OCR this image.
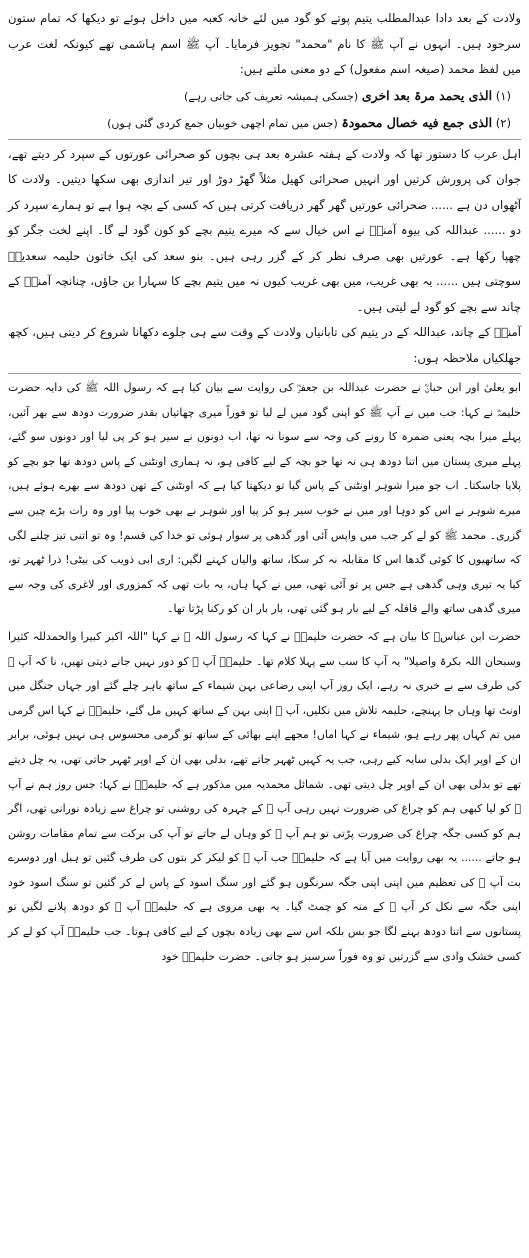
ولادت کے بعد دادا عبدالمطلب یتیم پوتے کو گود میں لئے خانہ کعبہ میں داخل ہوئے تو دیکھا کہ تمام ستون سرجود ہیں۔ انہوں نے آپ ﷺ کا نام "محمد" تجویز فرمایا۔ آپ ﷺ اسم ہاشمی تھے کیونکہ لغت عرب میں لفظ محمد (صیغہ اسم مفعول) کے دو معنی ملتے ہیں:

(۱) الذی یحمد مرۃ بعد اخری (جسکی ہمیشہ تعریف کی جاتی رہے)

(۲) الذی جمع فیه خصال محمودۃ (جس میں تمام اچھی خوبیاں جمع کردی گئی ہوں)

اہل عرب کا دستور تھا کہ ولادت کے ہفتہ عشرہ بعد ہی بچوں کو صحرائی عورتوں کے سپرد کر دیتے تھے، جوان کی پرورش کرتیں اور انہیں صحرائی کھیل مثلاً گھڑ دوڑ اور تیر اندازی بھی سکھا دیتیں۔ ولادت کا آٹھواں دن ہے ...... صحرائی عورتیں گھر گھر دریافت کرتی ہیں کہ کسی کے بچہ ہوا ہے تو ہمارے سپرد کر دو ...... عبداللہ کی بیوہ آمنہؓ نے اس خیال سے کہ میرے یتیم بچے کو کون گود لے گا۔ اپنے لخت جگر کو چھپا رکھا ہے۔ عورتیں بھی صرف نظر کر کے گزر رہی ہیں۔ بنو سعد کی ایک خاتون حلیمہ سعدیہؓ سوچتی ہیں ...... یہ بھی غریب، میں بھی غریب کیوں نہ میں یتیم بچے کا سہارا بن جاؤں، چنانچہ آمنہؓ کے چاند سے بچے کو گود لے لیتی ہیں۔

آمنہؓ کے چاند، عبداللہ کے در یتیم کی تابانیاں ولادت کے وقت سے ہی جلوے دکھانا شروع کر دیتی ہیں، کچھ جھلکیاں ملاحظہ ہوں:

ابو یعلیٰ اور ابن حبانؒ نے حضرت عبداللہ بن جعفرؓ کی روایت سے بیان کیا ہے کہ رسول اللہ ﷺ کی دایہ حضرت حلیمہؓ نے کہا: جب میں نے آپ ﷺ کو اپنی گود میں لے لیا تو فوراً میری چھاتیاں بقدر ضرورت دودھ سے بھر آئیں، پہلے میرا بچہ یعنی ضمرہ کا رونے کی وجہ سے سونا نہ تھا، اب دونوں نے سیر ہو کر پی لیا اور دونوں سو گئے، پہلے میری پستان میں اتنا دودھ ہی نہ تھا جو بچہ کے لیے کافی ہو، نہ ہماری اونٹنی کے پاس دودھ تھا جو بچے کو پلایا جاسکتا۔ اب جو میرا شوہر اونٹنی کے پاس گیا تو دیکھتا کیا ہے کہ اونٹنی کے تھن دودھ سے بھرے ہوئے ہیں، میرے شوہر نے اس کو دوہا اور میں نے خوب سیر ہو کر پیا اور شوہر نے بھی خوب پیا اور وہ رات بڑے چین سے گزری۔ محمد ﷺ کو لے کر جب میں واپس آئی اور گدھی پر سوار ہوئی تو خدا کی قسم! وہ تو اتنی تیز چلنے لگی کہ ساتھیوں کا کوئی گدھا اس کا مقابلہ نہ کر سکا، ساتھ والیاں کہنے لگیں: اری ابی ذویب کی بیٹی! ذرا ٹھہر تو، کیا یہ تیری وہی گدھی ہے جس پر تو آئی تھی، میں نے کہا ہاں، یہ بات تھی کہ کمزوری اور لاغری کی وجہ سے میری گدھی ساتھ والے قافلہ کے لیے بار ہو گئی تھی، بار بار ان کو رکنا پڑتا تھا۔

حضرت ابن عباسؓ کا بیان ہے کہ حضرت حلیمہؓ نے کہا کہ رسول اللہ ﷺ نے کہا "اللہ اکبر کبیرا والحمدللہ کثیرا وسبحان اللہ بکرۃ واصیلا" یہ آپ کا سب سے پہلا کلام تھا۔ حلیمہؓ آپ ﷺ کو دور نہیں جانے دیتی تھیں، نا کہ آپ ﷺ کی طرف سے بے خبری نہ رہے، ایک روز آپ اپنی رضاعی بہن شیماء کے ساتھ باہر چلے گئے اور جہاں جنگل میں اونٹ تھا وہاں جا پہنچے، حلیمہ تلاش میں نکلیں، آپ ﷺ اپنی بہن کے ساتھ کہیں مل گئے، حلیمہؓ نے کہا اس گرمی میں تم کہاں پھر رہے ہو، شیماء نے کہا اماں! مجھے اپنے بھائی کے ساتھ تو گرمی محسوس ہی نہیں ہوئی، برابر ان کے اوپر ایک بدلی سایہ کیے رہی، جب یہ کہیں ٹھہر جاتے تھے، بدلی بھی ان کے اوپر ٹھہر جاتی تھی، یہ چل دیتے تھے تو بدلی بھی ان کے اوپر چل دیتی تھی۔ شمائل محمدیہ میں مذکور ہے کہ حلیمہؓ نے کہا: جس روز ہم نے آپ ﷺ کو لیا کبھی ہم کو چراغ کی ضرورت نہیں رہی آپ ﷺ کے چہرہ کی روشنی تو چراغ سے زیادہ نورانی تھی، اگر ہم کو کسی جگہ چراغ کی ضرورت پڑتی تو ہم آپ ﷺ کو وہاں لے جاتے تو آپ کی برکت سے تمام مقامات روشن ہو جاتے ...... یہ بھی روایت میں آیا ہے کہ حلیمہؓ جب آپ ﷺ کو لیکر کر بتوں کی طرف گئیں تو ہبل اور دوسرے بت آپ ﷺ کی تعظیم میں اپنی اپنی جگہ سرنگوں ہو گئے اور سنگ اسود کے پاس لے کر گئیں تو سنگ اسود خود اپنی جگہ سے نکل کر آپ ﷺ کے منہ کو چمٹ گیا۔ یہ بھی مروی ہے کہ حلیمہؓ آپ ﷺ کو دودھ پلانے لگیں تو پستانوں سے اتنا دودھ بہنے لگا جو بس بلکہ اس سے بھی زیادہ بچوں کے لیے کافی ہوتا۔ جب حلیمہؓ آپ کو لے کر کسی خشک وادی سے گزرتیں تو وہ فوراً سرسبز ہو جاتی۔ حضرت حلیمہؓ خود
